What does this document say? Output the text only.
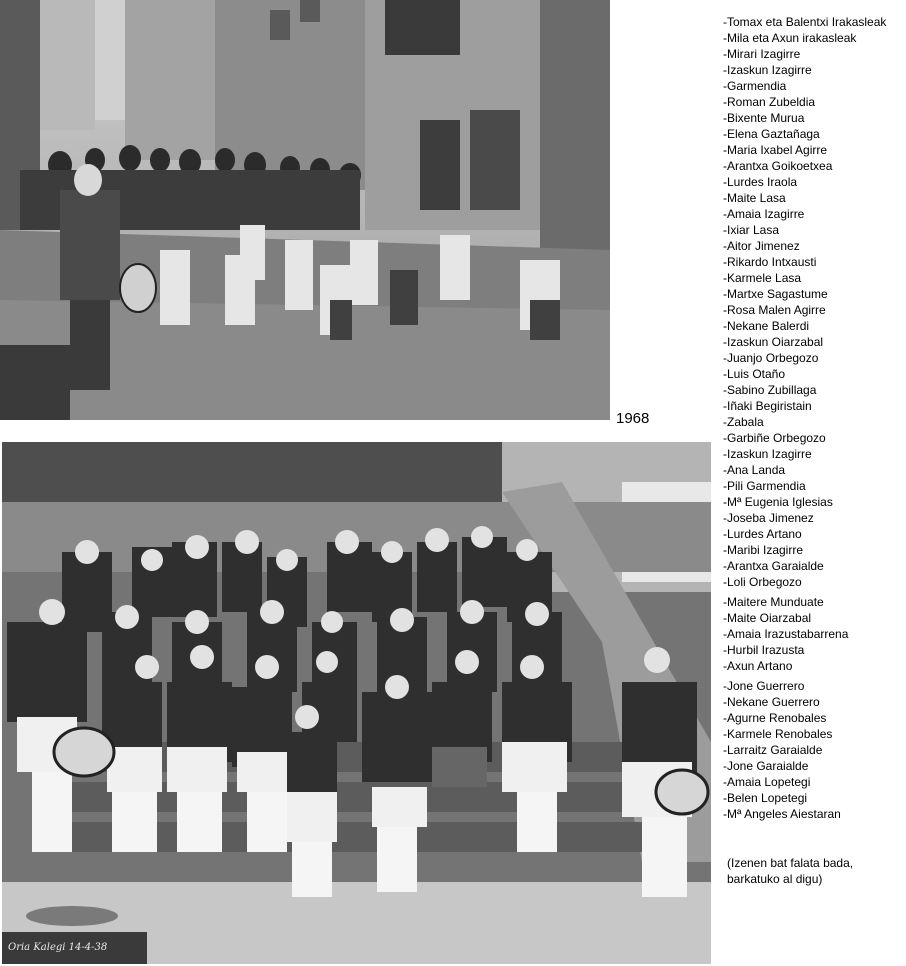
1968
Oria Kalegi 14-4-38
-Tomax eta Balentxi Irakasleak
-Mila eta Axun irakasleak
-Mirari Izagirre
-Izaskun Izagirre
-Garmendia
-Roman Zubeldia
-Bixente Murua
-Elena Gaztañaga
-Maria Ixabel Agirre
-Arantxa Goikoetxea
-Lurdes Iraola
-Maite Lasa
-Amaia Izagirre
-Ixiar Lasa
-Aitor Jimenez
-Rikardo Intxausti
-Karmele Lasa
-Martxe Sagastume
-Rosa Malen Agirre
-Nekane Balerdi
-Izaskun Oiarzabal
-Juanjo Orbegozo
-Luis Otaño
-Sabino Zubillaga
-Iñaki Begiristain
-Zabala
-Garbiñe Orbegozo
-Izaskun Izagirre
-Ana Landa
-Pili Garmendia
-Mª Eugenia Iglesias
-Joseba Jimenez
-Lurdes Artano
-Maribi Izagirre
-Arantxa Garaialde
-Loli Orbegozo
-Maitere Munduate
-Maite Oiarzabal
-Amaia Irazustabarrena
-Hurbil Irazusta
-Axun Artano
-Jone Guerrero
-Nekane Guerrero
-Agurne Renobales
-Karmele Renobales
-Larraitz Garaialde
-Jone Garaialde
-Amaia Lopetegi
-Belen Lopetegi
-Mª Angeles Aiestaran
(Izenen bat falata bada,
barkatuko al digu)
